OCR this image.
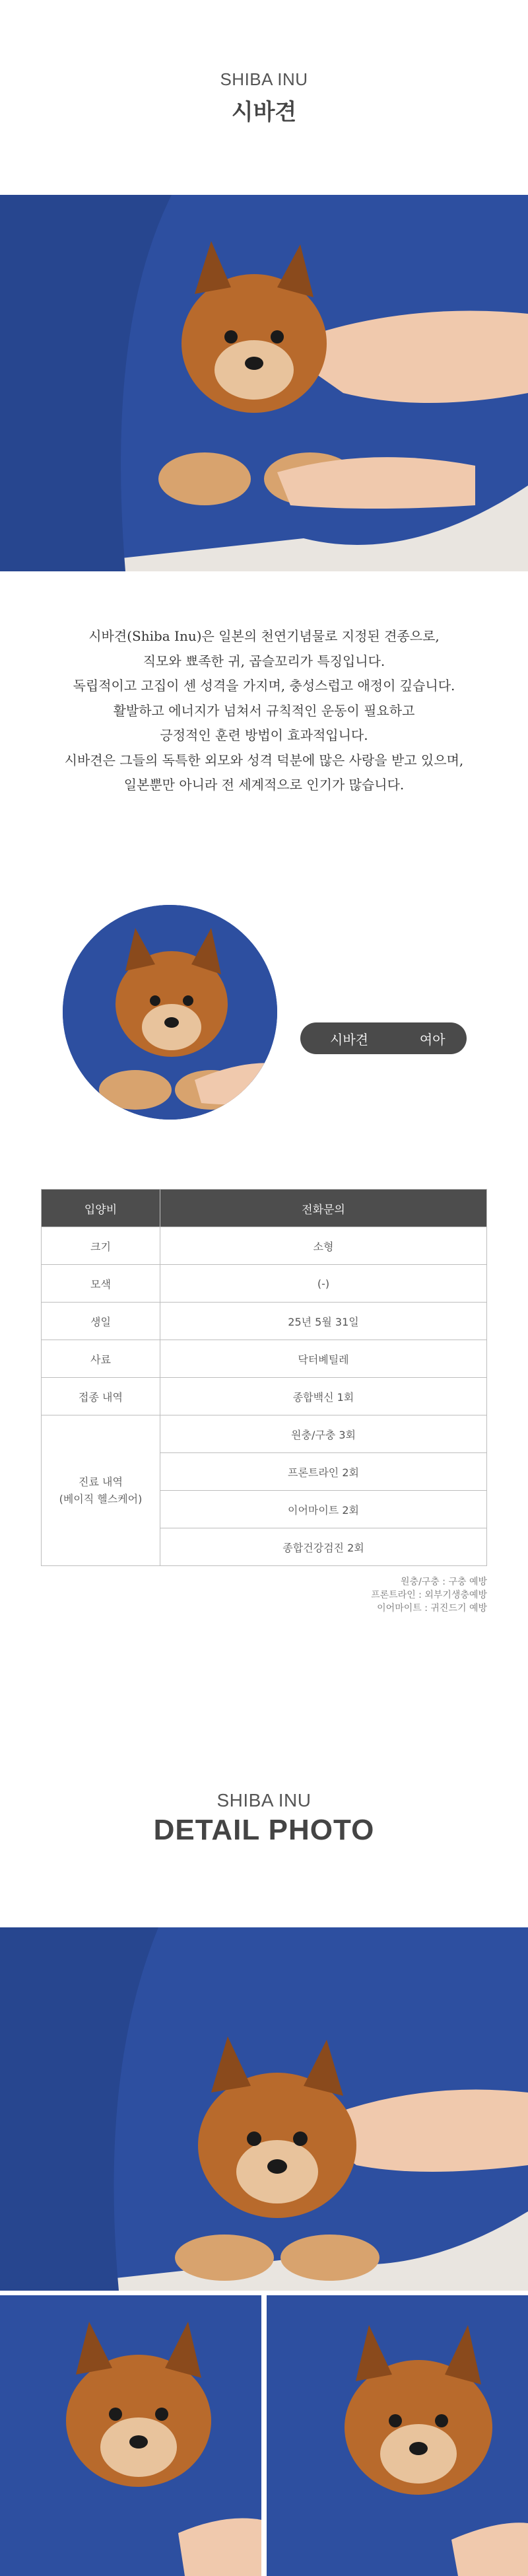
SHIBA INU
시바견

시바견(Shiba Inu)은 일본의 천연기념물로 지정된 견종으로,

직모와 뾰족한 귀, 곱슬꼬리가 특징입니다.

독립적이고 고집이 센 성격을 가지며, 충성스럽고 애정이 깊습니다.

활발하고 에너지가 넘쳐서 규칙적인 운동이 필요하고

긍정적인 훈련 방법이 효과적입니다.

시바견은 그들의 독특한 외모와 성격 덕분에 많은 사랑을 받고 있으며,

일본뿐만 아니라 전 세계적으로 인기가 많습니다.

시바견	여아
입양비	전화문의
크기	소형
모색	(-)
생일	25년 5월 31일
사료	닥터볘틸레
접종 내역	종합백신 1회

진료 내역
(베이직 헬스케어)	원충/구충 3회
	프론트라인 2회
	이어마이트 2회
	종합건강검진 2회
원충/구충 : 구충 예방
프론트라인 : 외부기생충예방
이어마이트 : 귀진드기 예방
SHIBA INU
DETAIL PHOTO
